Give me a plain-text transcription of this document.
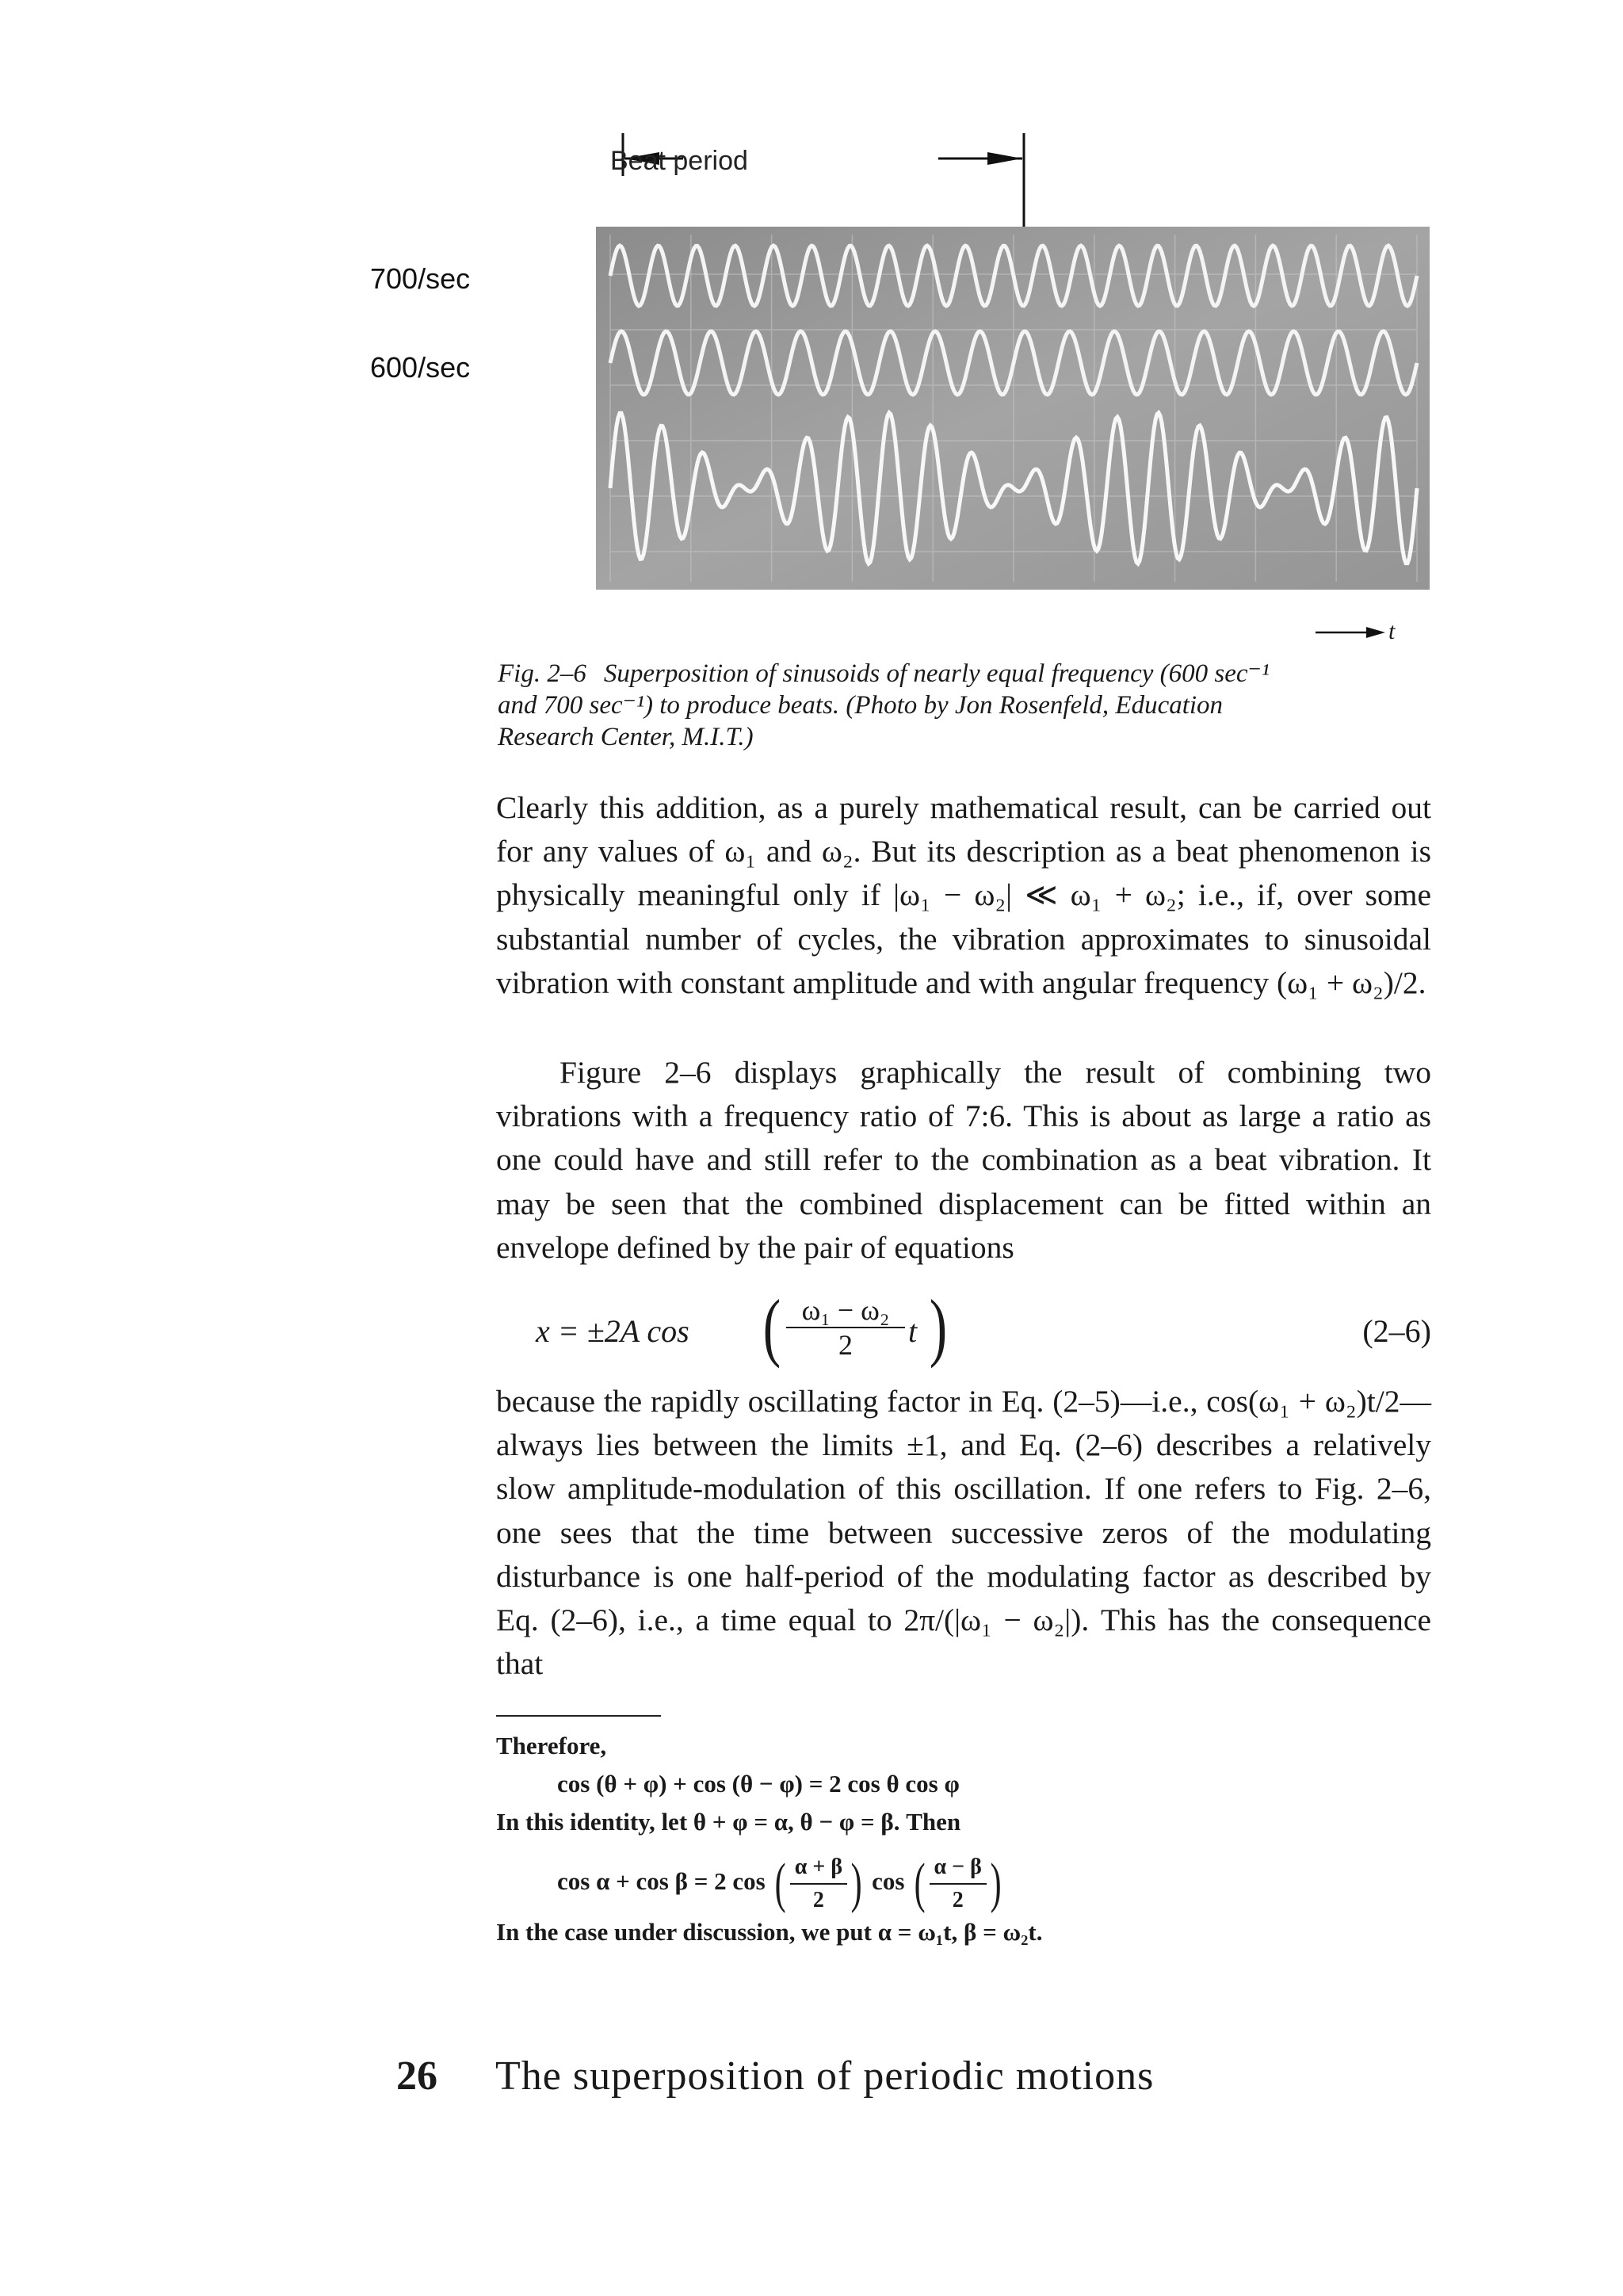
Beat period
700/sec
600/sec
t
Fig. 2–6 Superposition of sinusoids of nearly equal frequency (600 sec⁻¹ and 700 sec⁻¹) to produce beats. (Photo by Jon Rosenfeld, Education Research Center, M.I.T.)

Clearly this addition, as a purely mathematical result, can be carried out for any values of ω₁ and ω₂. But its description as a beat phenomenon is physically meaningful only if |ω₁ − ω₂| ≪ ω₁ + ω₂; i.e., if, over some substantial number of cycles, the vibration approximates to sinusoidal vibration with constant amplitude and with angular frequency (ω₁ + ω₂)/2.

Figure 2–6 displays graphically the result of combining two vibrations with a frequency ratio of 7:6. This is about as large a ratio as one could have and still refer to the combination as a beat vibration. It may be seen that the combined displacement can be fitted within an envelope defined by the pair of equations

x = ±2A cos ( $\frac{\text{ω₁ − ω₂}}{2}$ t )	(2–6)

because the rapidly oscillating factor in Eq. (2–5)—i.e., cos(ω₁ + ω₂)t/2—always lies between the limits ±1, and Eq. (2–6) describes a relatively slow amplitude-modulation of this oscillation. If one refers to Fig. 2–6, one sees that the time between successive zeros of the modulating disturbance is one half-period of the modulating factor as described by Eq. (2–6), i.e., a time equal to 2π/(|ω₁ − ω₂|). This has the consequence that

Therefore,
cos (θ + φ) + cos (θ − φ) = 2 cos θ cos φ
In this identity, let θ + φ = α, θ − φ = β. Then
cos α + cos β = 2 cos ( $\frac{\alpha + \beta}{2}$ ) cos ( $\frac{\alpha - \beta}{2}$ )
In the case under discussion, we put α = ω₁t, β = ω₂t.
26 The superposition of periodic motions
